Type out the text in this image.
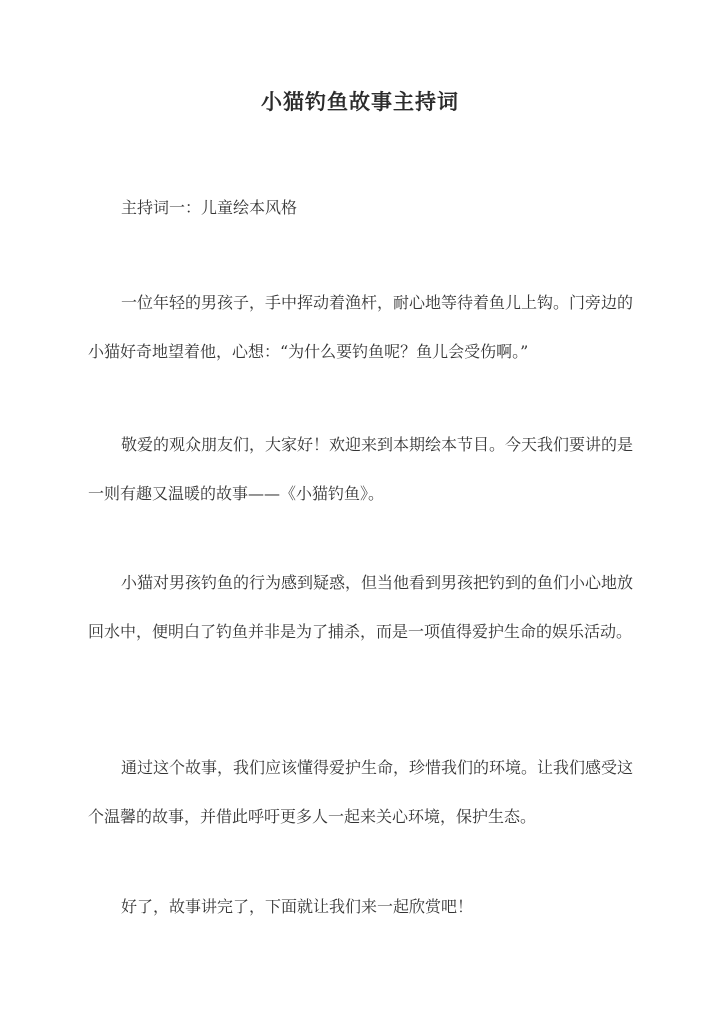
小猫钓鱼故事主持词
主持词一：儿童绘本风格
一位年轻的男孩子，手中挥动着渔杆，耐心地等待着鱼儿上钩。门旁边的小猫好奇地望着他，心想：“为什么要钓鱼呢？鱼儿会受伤啊。”
敬爱的观众朋友们，大家好！欢迎来到本期绘本节目。今天我们要讲的是一则有趣又温暖的故事——《小猫钓鱼》。
小猫对男孩钓鱼的行为感到疑惑，但当他看到男孩把钓到的鱼们小心地放回水中，便明白了钓鱼并非是为了捕杀，而是一项值得爱护生命的娱乐活动。
通过这个故事，我们应该懂得爱护生命，珍惜我们的环境。让我们感受这个温馨的故事，并借此呼吁更多人一起来关心环境，保护生态。
好了，故事讲完了，下面就让我们来一起欣赏吧！
